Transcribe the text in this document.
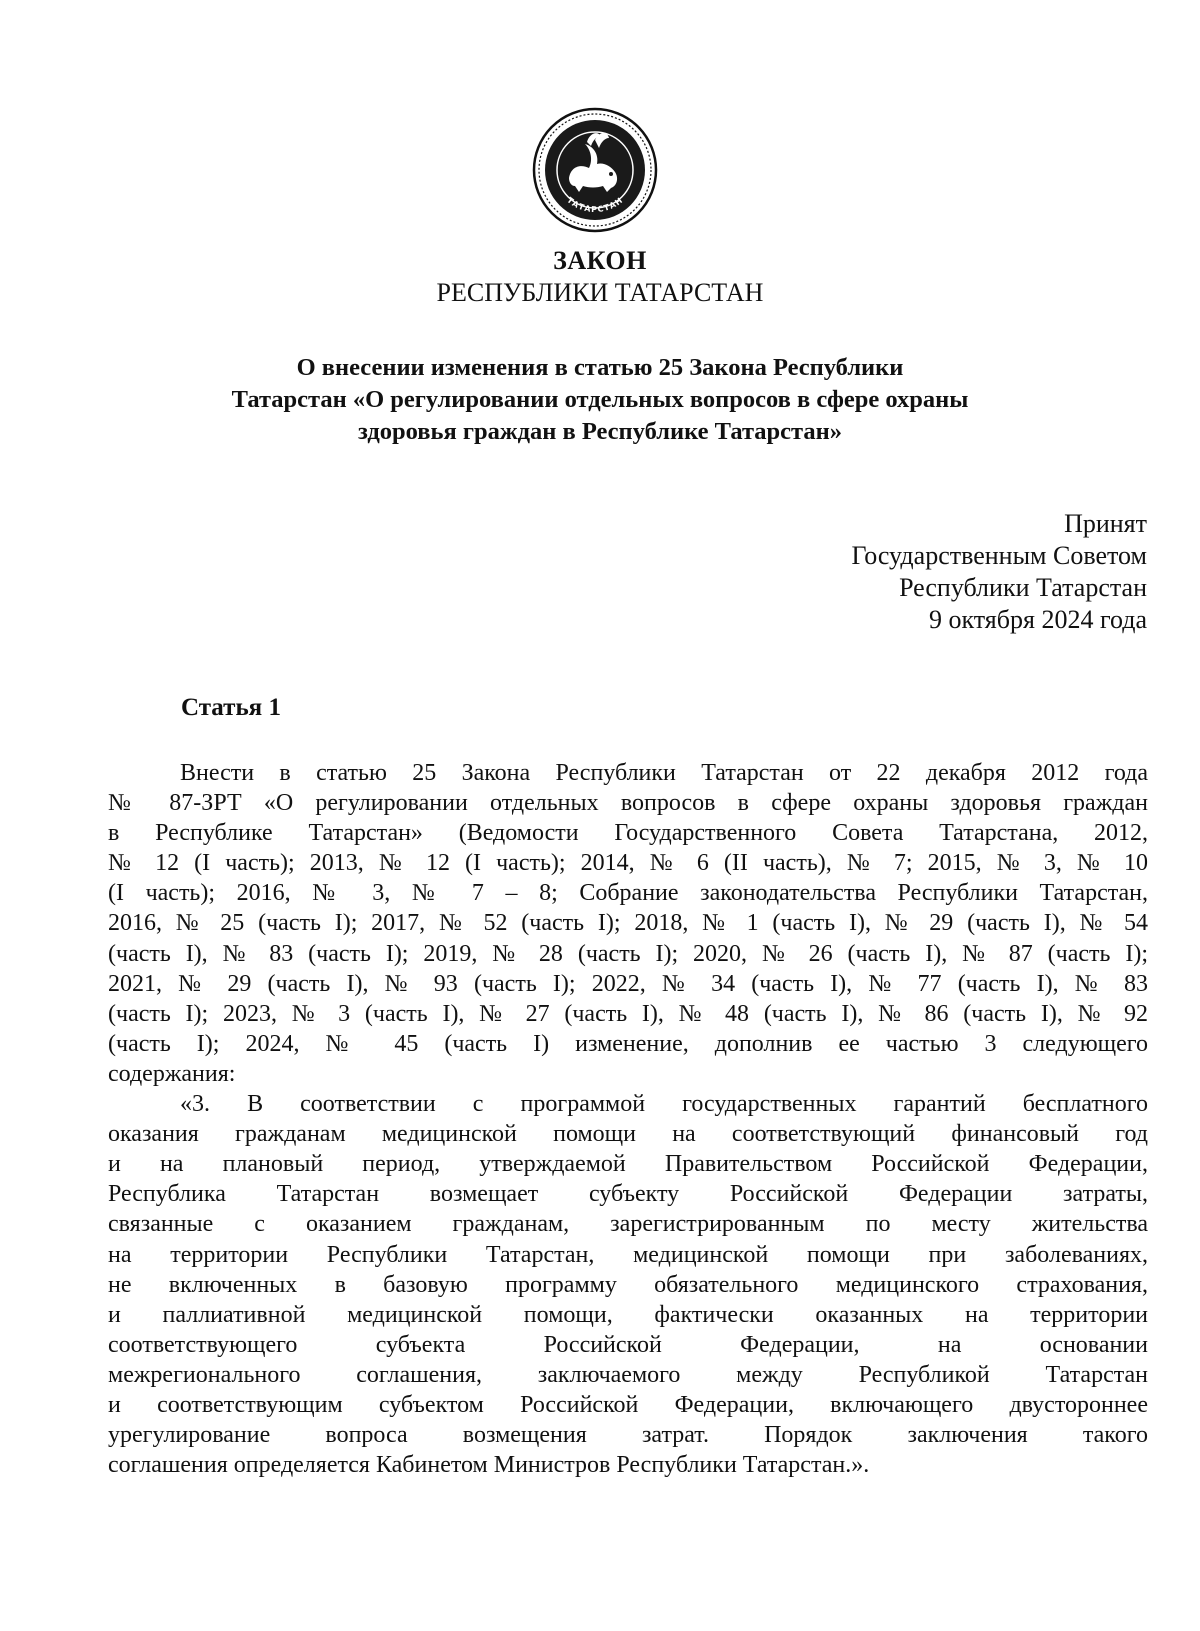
ТАТАРСТАН
ЗАКОН
РЕСПУБЛИКИ ТАТАРСТАН
О внесении изменения в статью 25 Закона Республики
Татарстан «О регулировании отдельных вопросов в сфере охраны
здоровья граждан в Республике Татарстан»
Принят
Государственным Советом
Республики Татарстан
9 октября 2024 года
Статья 1
Внести в статью 25 Закона Республики Татарстан от 22 декабря 2012 года
№ 87-ЗРТ «О регулировании отдельных вопросов в сфере охраны здоровья граждан
в Республике Татарстан» (Ведомости Государственного Совета Татарстана, 2012,
№ 12 (I часть); 2013, № 12 (I часть); 2014, № 6 (II часть), № 7; 2015, № 3, № 10
(I часть); 2016, № 3, № 7 – 8; Собрание законодательства Республики Татарстан,
2016, № 25 (часть I); 2017, № 52 (часть I); 2018, № 1 (часть I), № 29 (часть I), № 54
(часть I), № 83 (часть I); 2019, № 28 (часть I); 2020, № 26 (часть I), № 87 (часть I);
2021, № 29 (часть I), № 93 (часть I); 2022, № 34 (часть I), № 77 (часть I), № 83
(часть I); 2023, № 3 (часть I), № 27 (часть I), № 48 (часть I), № 86 (часть I), № 92
(часть I); 2024, № 45 (часть I) изменение, дополнив ее частью 3 следующего
содержания:
«3. В соответствии с программой государственных гарантий бесплатного
оказания гражданам медицинской помощи на соответствующий финансовый год
и на плановый период, утверждаемой Правительством Российской Федерации,
Республика Татарстан возмещает субъекту Российской Федерации затраты,
связанные с оказанием гражданам, зарегистрированным по месту жительства
на территории Республики Татарстан, медицинской помощи при заболеваниях,
не включенных в базовую программу обязательного медицинского страхования,
и паллиативной медицинской помощи, фактически оказанных на территории
соответствующего субъекта Российской Федерации, на основании
межрегионального соглашения, заключаемого между Республикой Татарстан
и соответствующим субъектом Российской Федерации, включающего двустороннее
урегулирование вопроса возмещения затрат. Порядок заключения такого
соглашения определяется Кабинетом Министров Республики Татарстан.».
